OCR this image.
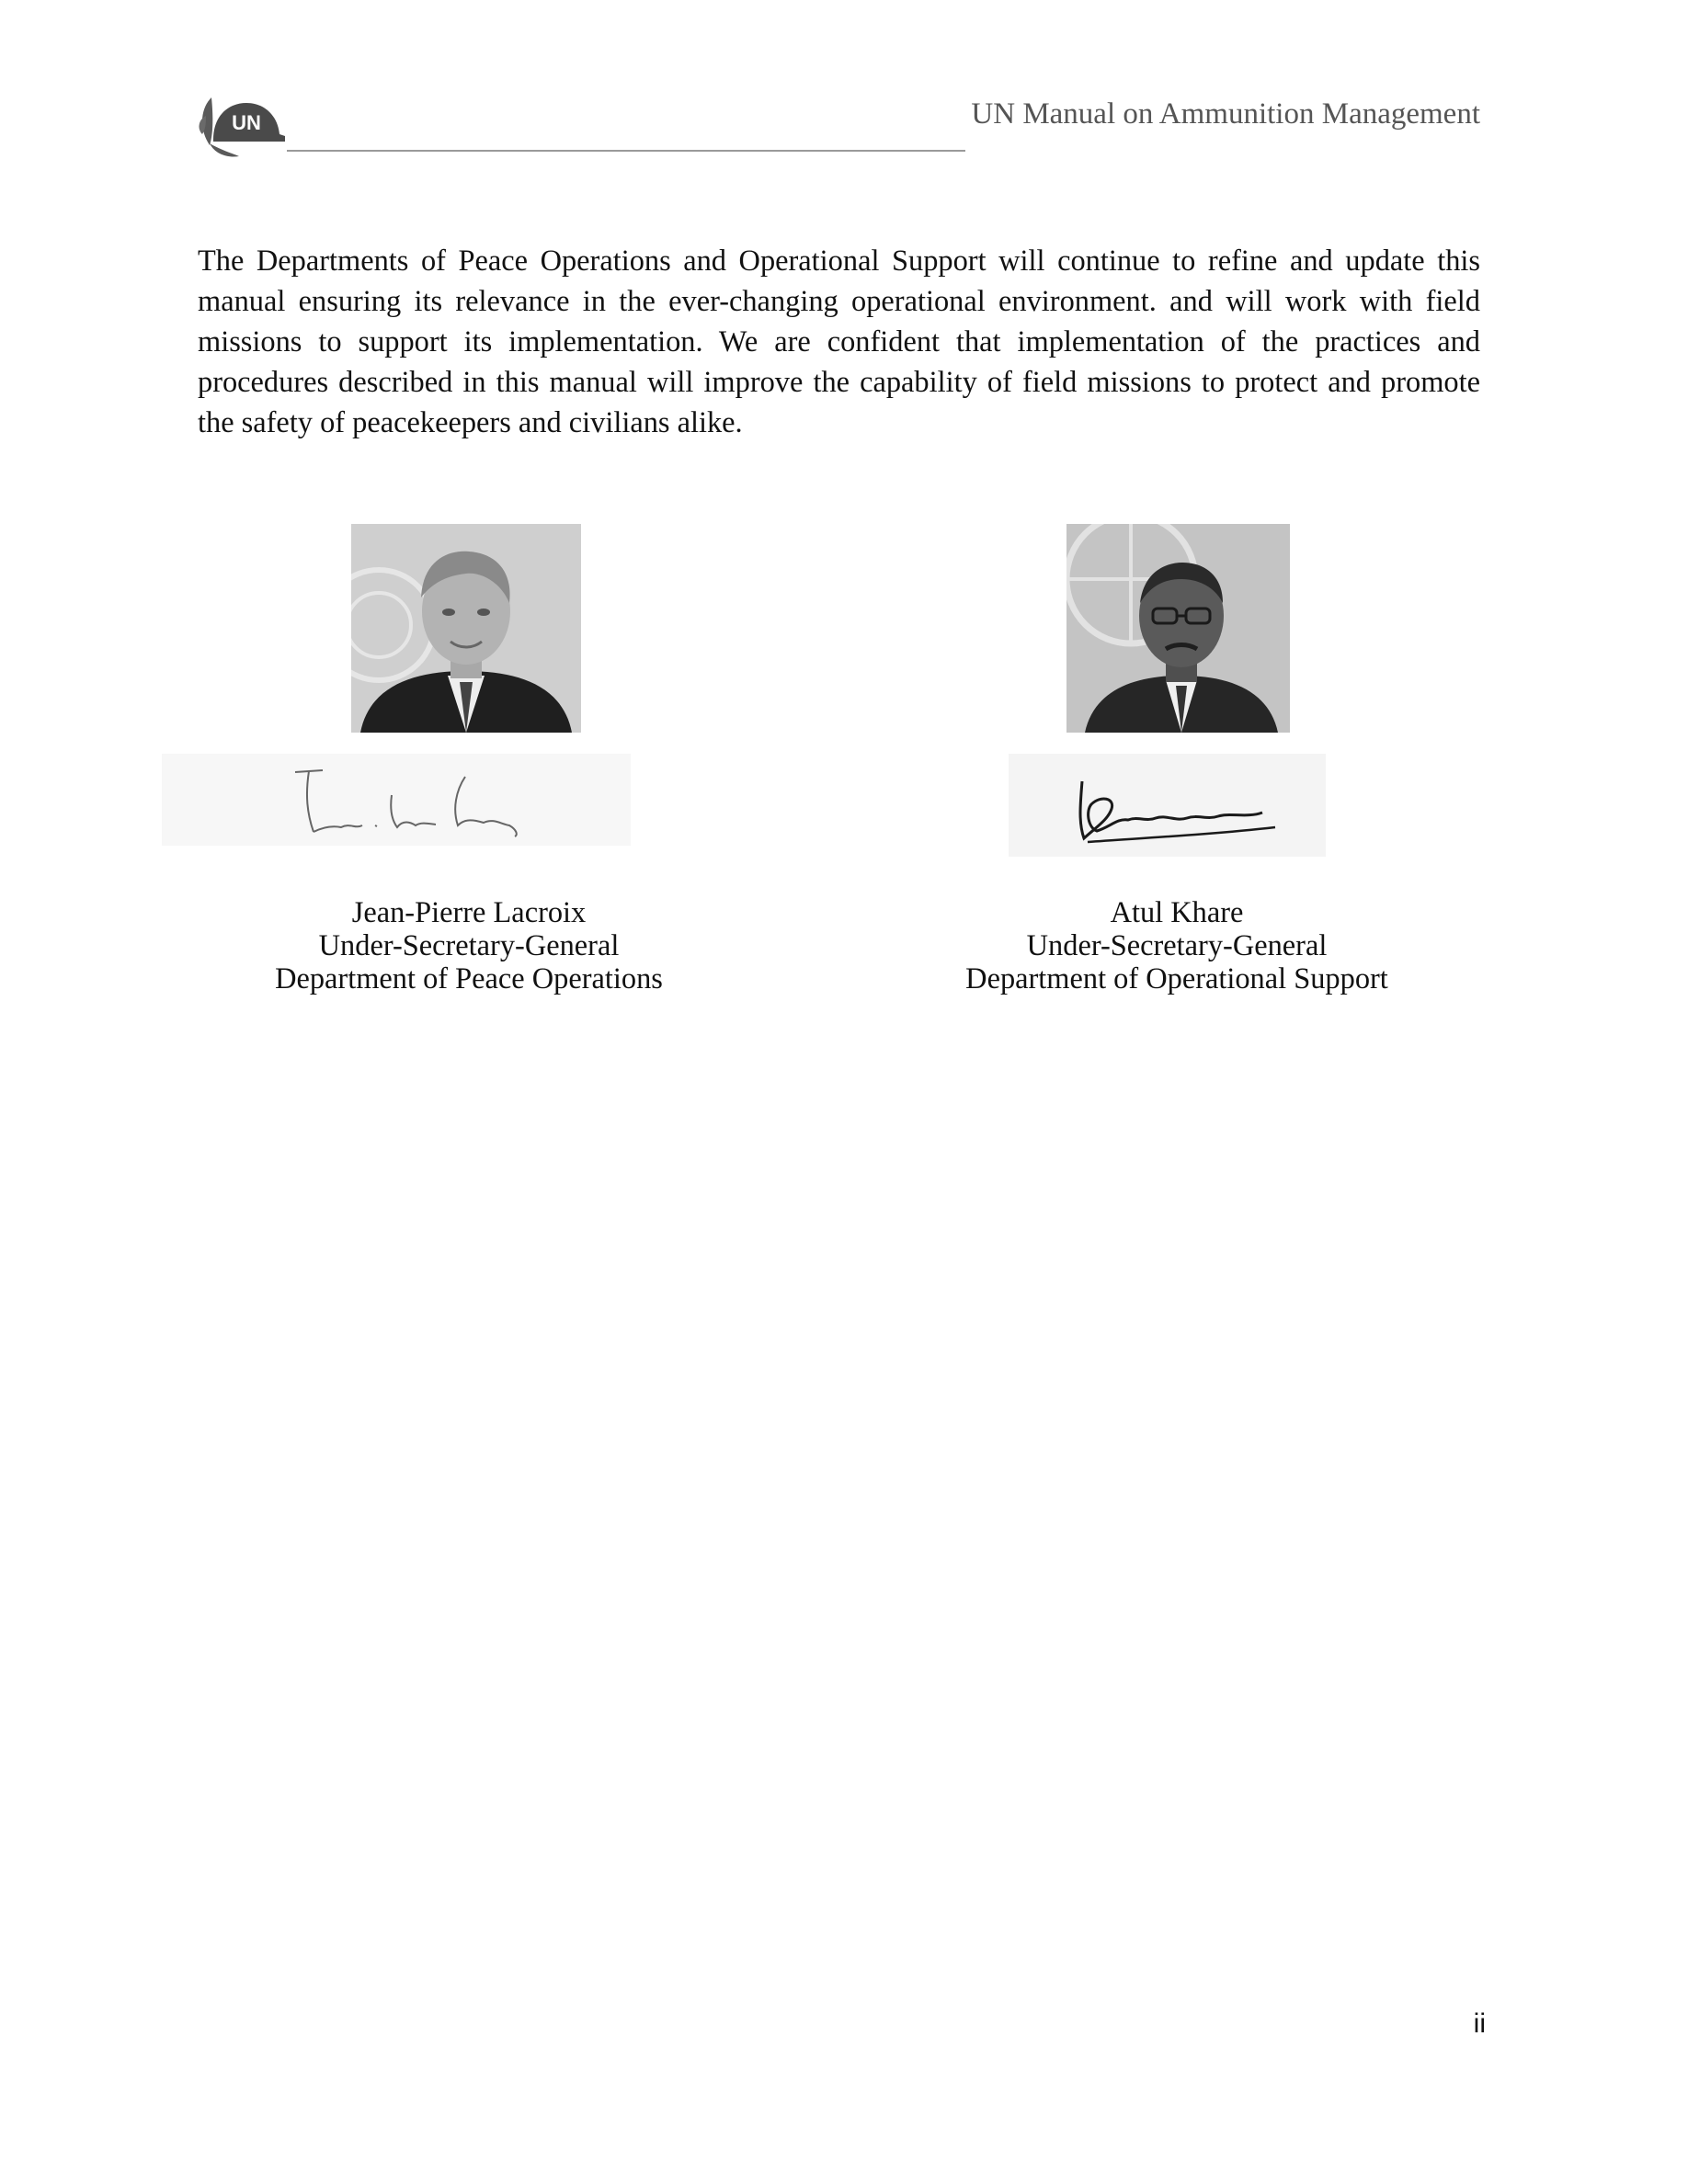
UN	UN Manual on Ammunition Management

The Departments of Peace Operations and Operational Support will continue to refine and update this manual ensuring its relevance in the ever-changing operational environment. and will work with field missions to support its implementation. We are confident that implementation of the practices and procedures described in this manual will improve the capability of field missions to protect and promote the safety of peacekeepers and civilians alike.

Jean-Pierre Lacroix
Under-Secretary-General
Department of Peace Operations
Atul Khare
Under-Secretary-General
Department of Operational Support
ii
